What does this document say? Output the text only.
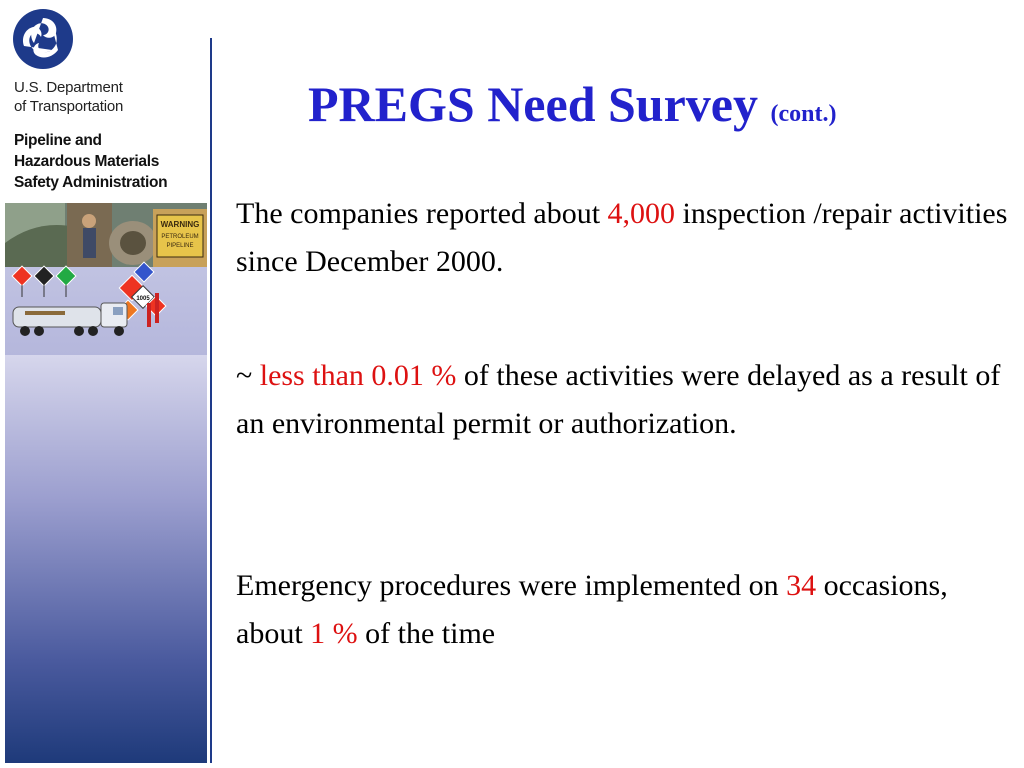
U.S. Department
of Transportation
Pipeline and
Hazardous Materials
Safety Administration
WARNING
PETROLEUM
PIPELINE
1005
PREGS Need Survey (cont.)

The companies reported about 4,000 inspection /repair activities since December 2000.

~ less than 0.01 % of these activities were delayed as a result of an environmental permit or authorization.

Emergency procedures were implemented on 34 occasions, about 1 % of the time
